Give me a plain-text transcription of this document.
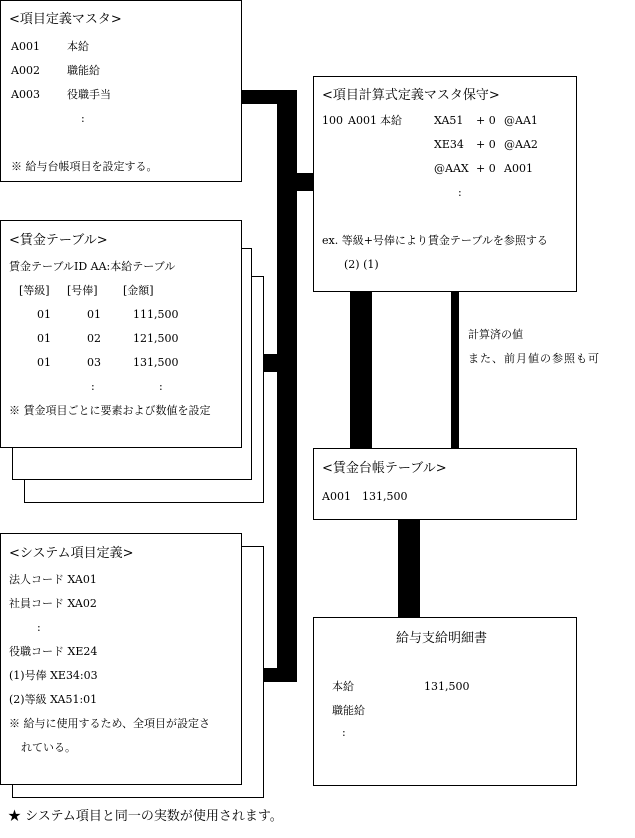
<項目定義マスタ>
A001 本給
A002 職能給
A003 役職手当
:
※ 給与台帳項目を設定する。
<項目計算式定義マスタ保守>
100 A001 本給	XA51 + 0 @AA1
XE34 + 0 @AA2
@AAX + 0 A001
:
ex. 等級+号俸により賃金テーブルを参照する
(2) (1)
<賃金テーブル>
賃金テーブルID AA:本給テーブル
[等級] [号俸] [金額]
01	01	111,500
01	02	121,500
01	03	131,500
:	:
※ 賃金項目ごとに要素および数値を設定
計算済の値
また、前月値の参照も可
<賃金台帳テーブル>
A001 131,500
<システム項目定義>
法人コード XA01
社員コード XA02
:
役職コード XE24
(1)号俸 XE34:03
(2)等級 XA51:01
※ 給与に使用するため、全項目が設定さ
れている。
給与支給明細書
本給	131,500
職能給
:
★ システム項目と同一の実数が使用されます。
